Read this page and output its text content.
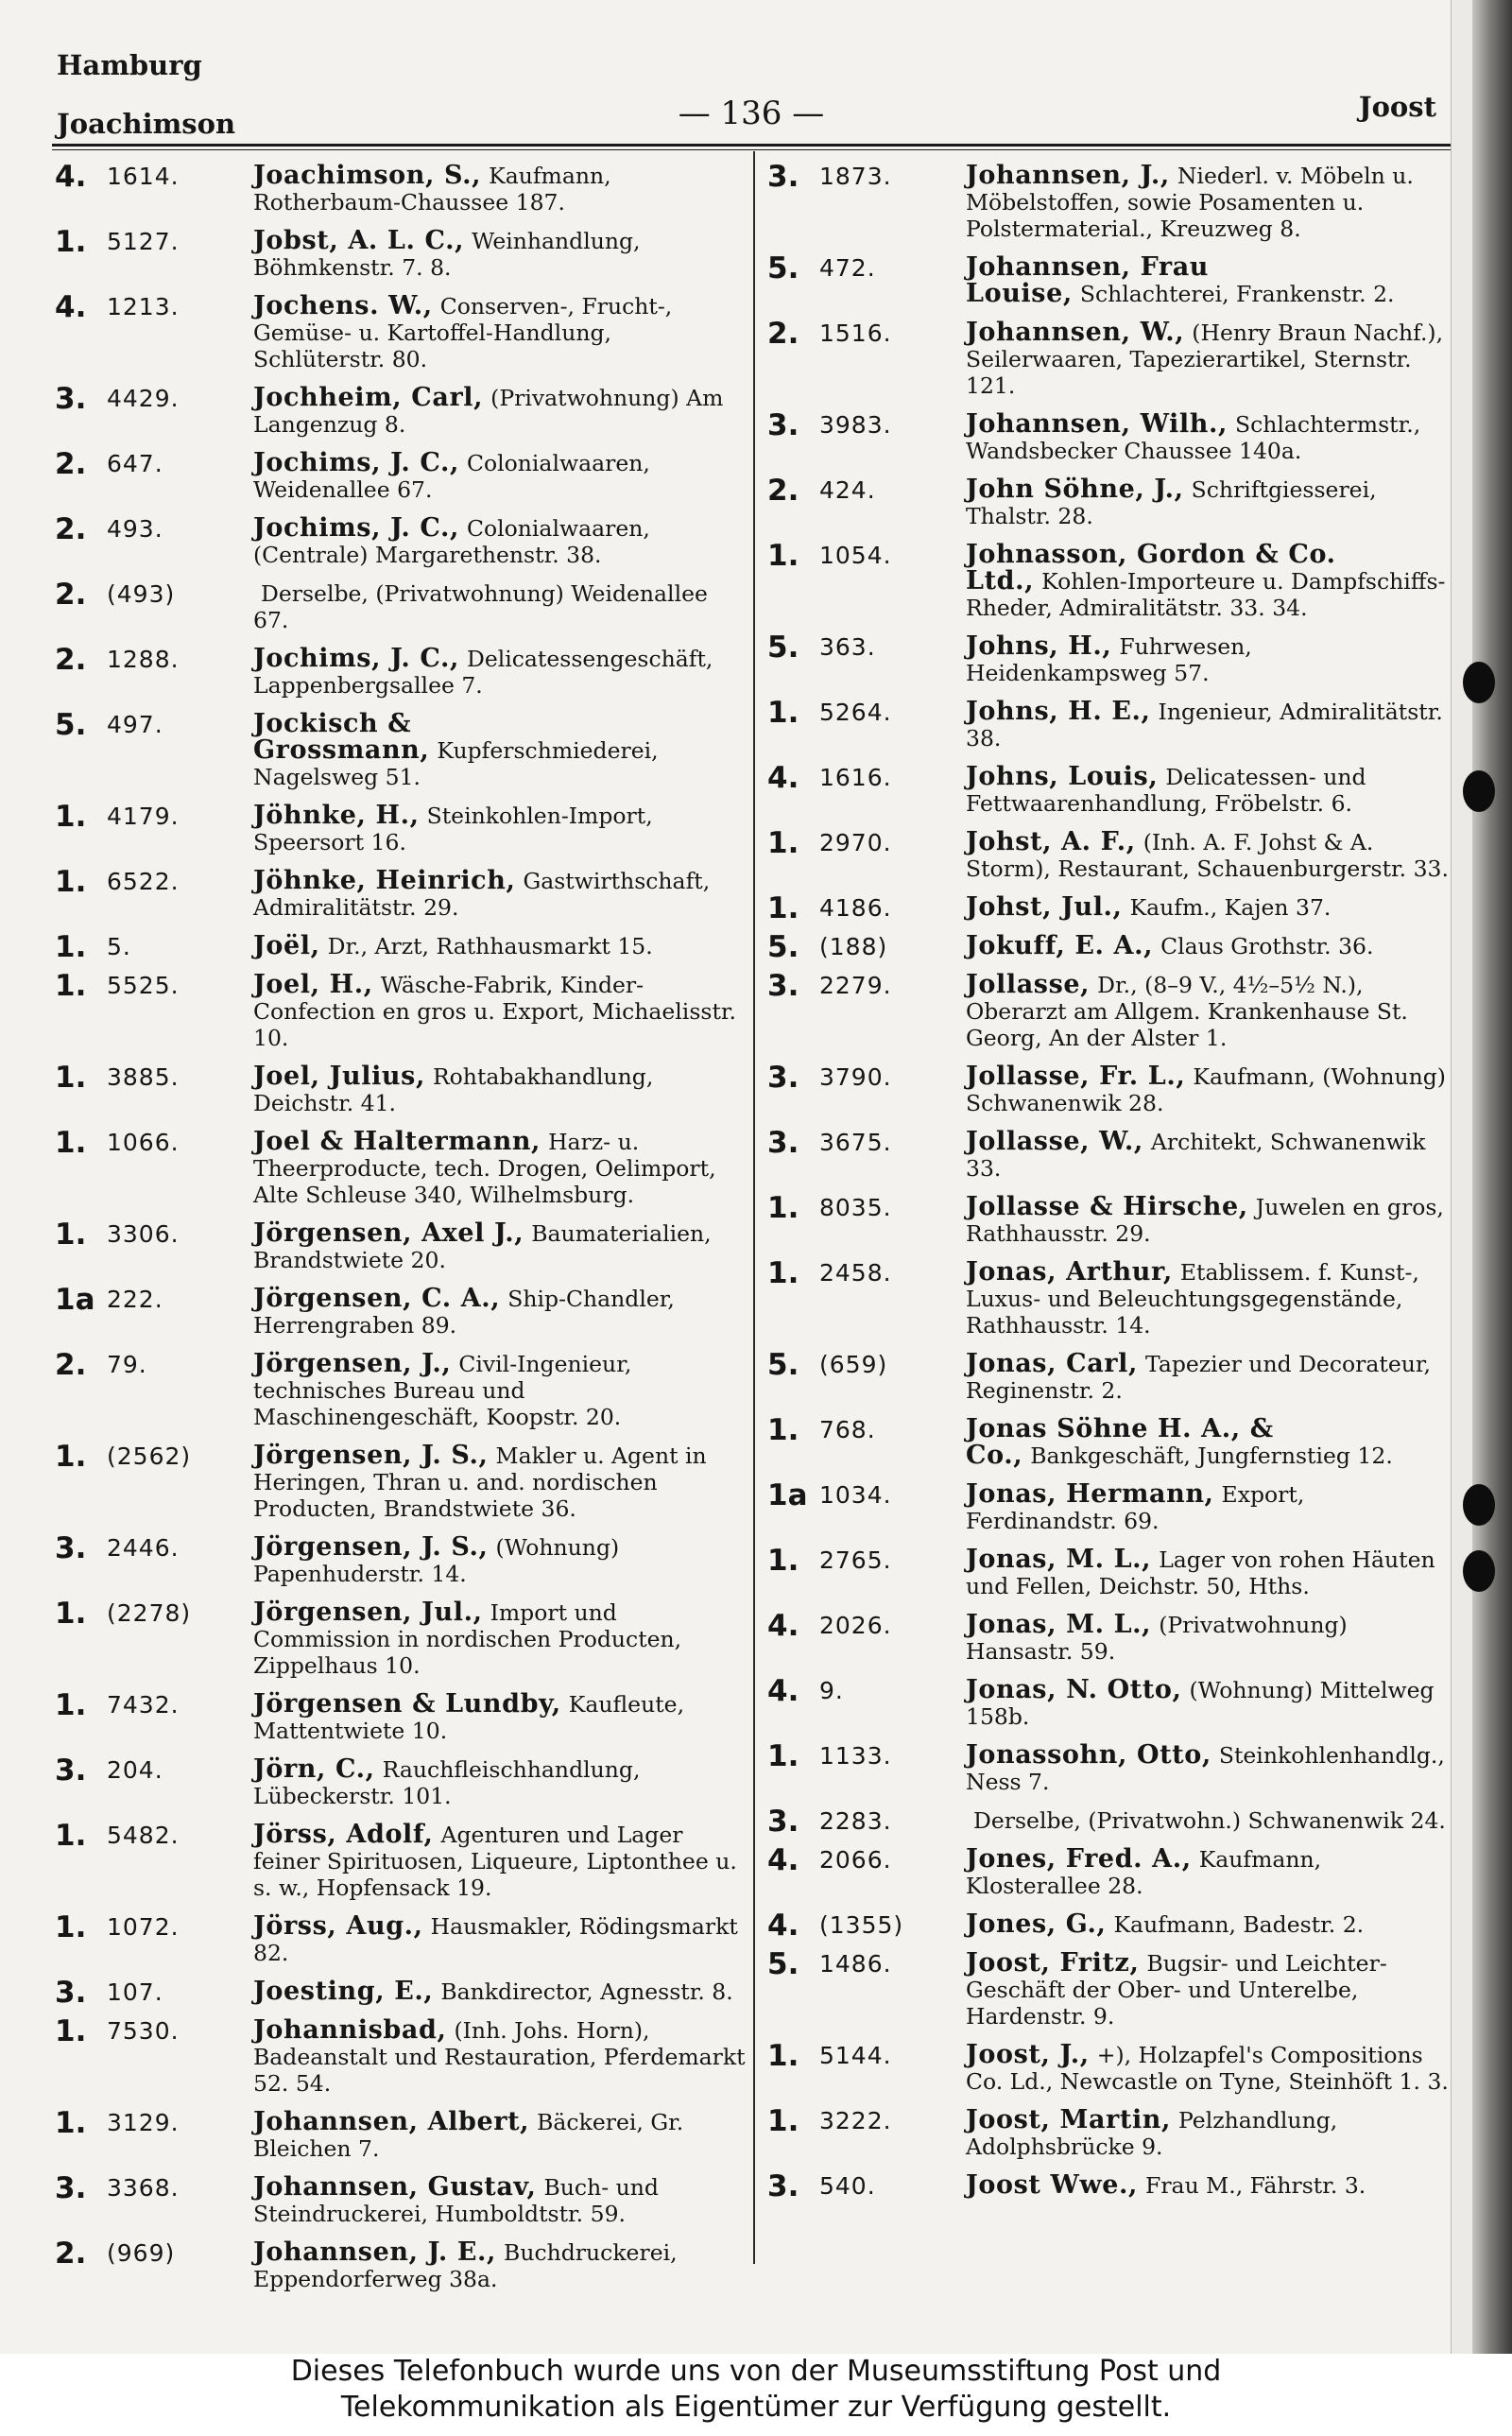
Hamburg
Joachimson	— 136 —	Joost
4. 1614.	Joachimson, S., Kaufmann, Rotherbaum-Chaussee 187.
1. 5127.	Jobst, A. L. C., Weinhandlung, Böhmkenstr. 7. 8.
4. 1213.	Jochens. W., Conserven-, Frucht-, Gemüse- u. Kartoffel-Handlung, Schlüterstr. 80.
3. 4429.	Jochheim, Carl, (Privatwohnung) Am Langenzug 8.
2. 647.	Jochims, J. C., Colonialwaaren, Weidenallee 67.
2. 493.	Jochims, J. C., Colonialwaaren, (Centrale) Margarethenstr. 38.
2. (493)	Derselbe, (Privatwohnung) Weidenallee 67.
2. 1288.	Jochims, J. C., Delicatessengeschäft, Lappenbergsallee 7.
5. 497.	Jockisch & Grossmann, Kupferschmiederei, Nagelsweg 51.
1. 4179.	Jöhnke, H., Steinkohlen-Import, Speersort 16.
1. 6522.	Jöhnke, Heinrich, Gastwirthschaft, Admiralitätstr. 29.
1. 5.	Joël, Dr., Arzt, Rathhausmarkt 15.
1. 5525.	Joel, H., Wäsche-Fabrik, Kinder-Confection en gros u. Export, Michaelisstr. 10.
1. 3885.	Joel, Julius, Rohtabakhandlung, Deichstr. 41.
1. 1066.	Joel & Haltermann, Harz- u. Theerproducte, tech. Drogen, Oelimport, Alte Schleuse 340, Wilhelmsburg.
1. 3306.	Jörgensen, Axel J., Baumaterialien, Brandstwiete 20.
1a 222.	Jörgensen, C. A., Ship-Chandler, Herrengraben 89.
2. 79.	Jörgensen, J., Civil-Ingenieur, technisches Bureau und Maschinengeschäft, Koopstr. 20.
1. (2562)	Jörgensen, J. S., Makler u. Agent in Heringen, Thran u. and. nordischen Producten, Brandstwiete 36.
3. 2446.	Jörgensen, J. S., (Wohnung) Papenhuderstr. 14.
1. (2278)	Jörgensen, Jul., Import und Commission in nordischen Producten, Zippelhaus 10.
1. 7432.	Jörgensen & Lundby, Kaufleute, Mattentwiete 10.
3. 204.	Jörn, C., Rauchfleischhandlung, Lübeckerstr. 101.
1. 5482.	Jörss, Adolf, Agenturen und Lager feiner Spirituosen, Liqueure, Liptonthee u. s. w., Hopfensack 19.
1. 1072.	Jörss, Aug., Hausmakler, Rödingsmarkt 82.
3. 107.	Joesting, E., Bankdirector, Agnesstr. 8.
1. 7530.	Johannisbad, (Inh. Johs. Horn), Badeanstalt und Restauration, Pferdemarkt 52. 54.
1. 3129.	Johannsen, Albert, Bäckerei, Gr. Bleichen 7.
3. 3368.	Johannsen, Gustav, Buch- und Steindruckerei, Humboldtstr. 59.
2. (969)	Johannsen, J. E., Buchdruckerei, Eppendorferweg 38a.
3. 1873.	Johannsen, J., Niederl. v. Möbeln u. Möbelstoffen, sowie Posamenten u. Polstermaterial., Kreuzweg 8.
5. 472.	Johannsen, Frau Louise, Schlachterei, Frankenstr. 2.
2. 1516.	Johannsen, W., (Henry Braun Nachf.), Seilerwaaren, Tapezierartikel, Sternstr. 121.
3. 3983.	Johannsen, Wilh., Schlachtermstr., Wandsbecker Chaussee 140a.
2. 424.	John Söhne, J., Schriftgiesserei, Thalstr. 28.
1. 1054.	Johnasson, Gordon & Co. Ltd., Kohlen-Importeure u. Dampfschiffs-Rheder, Admiralitätstr. 33. 34.
5. 363.	Johns, H., Fuhrwesen, Heidenkampsweg 57.
1. 5264.	Johns, H. E., Ingenieur, Admiralitätstr. 38.
4. 1616.	Johns, Louis, Delicatessen- und Fettwaarenhandlung, Fröbelstr. 6.
1. 2970.	Johst, A. F., (Inh. A. F. Johst & A. Storm), Restaurant, Schauenburgerstr. 33.
1. 4186.	Johst, Jul., Kaufm., Kajen 37.
5. (188)	Jokuff, E. A., Claus Grothstr. 36.
3. 2279.	Jollasse, Dr., (8–9 V., 4½–5½ N.), Oberarzt am Allgem. Krankenhause St. Georg, An der Alster 1.
3. 3790.	Jollasse, Fr. L., Kaufmann, (Wohnung) Schwanenwik 28.
3. 3675.	Jollasse, W., Architekt, Schwanenwik 33.
1. 8035.	Jollasse & Hirsche, Juwelen en gros, Rathhausstr. 29.
1. 2458.	Jonas, Arthur, Etablissem. f. Kunst-, Luxus- und Beleuchtungsgegenstände, Rathhausstr. 14.
5. (659)	Jonas, Carl, Tapezier und Decorateur, Reginenstr. 2.
1. 768.	Jonas Söhne H. A., & Co., Bankgeschäft, Jungfernstieg 12.
1a 1034.	Jonas, Hermann, Export, Ferdinandstr. 69.
1. 2765.	Jonas, M. L., Lager von rohen Häuten und Fellen, Deichstr. 50, Hths.
4. 2026.	Jonas, M. L., (Privatwohnung) Hansastr. 59.
4. 9.	Jonas, N. Otto, (Wohnung) Mittelweg 158b.
1. 1133.	Jonassohn, Otto, Steinkohlenhandlg., Ness 7.
3. 2283.	Derselbe, (Privatwohn.) Schwanenwik 24.
4. 2066.	Jones, Fred. A., Kaufmann, Klosterallee 28.
4. (1355)	Jones, G., Kaufmann, Badestr. 2.
5. 1486.	Joost, Fritz, Bugsir- und Leichter-Geschäft der Ober- und Unterelbe, Hardenstr. 9.
1. 5144.	Joost, J., +), Holzapfel's Compositions Co. Ld., Newcastle on Tyne, Steinhöft 1. 3.
1. 3222.	Joost, Martin, Pelzhandlung, Adolphsbrücke 9.
3. 540.	Joost Wwe., Frau M., Fährstr. 3.
Dieses Telefonbuch wurde uns von der Museumsstiftung Post und
Telekommunikation als Eigentümer zur Verfügung gestellt.
